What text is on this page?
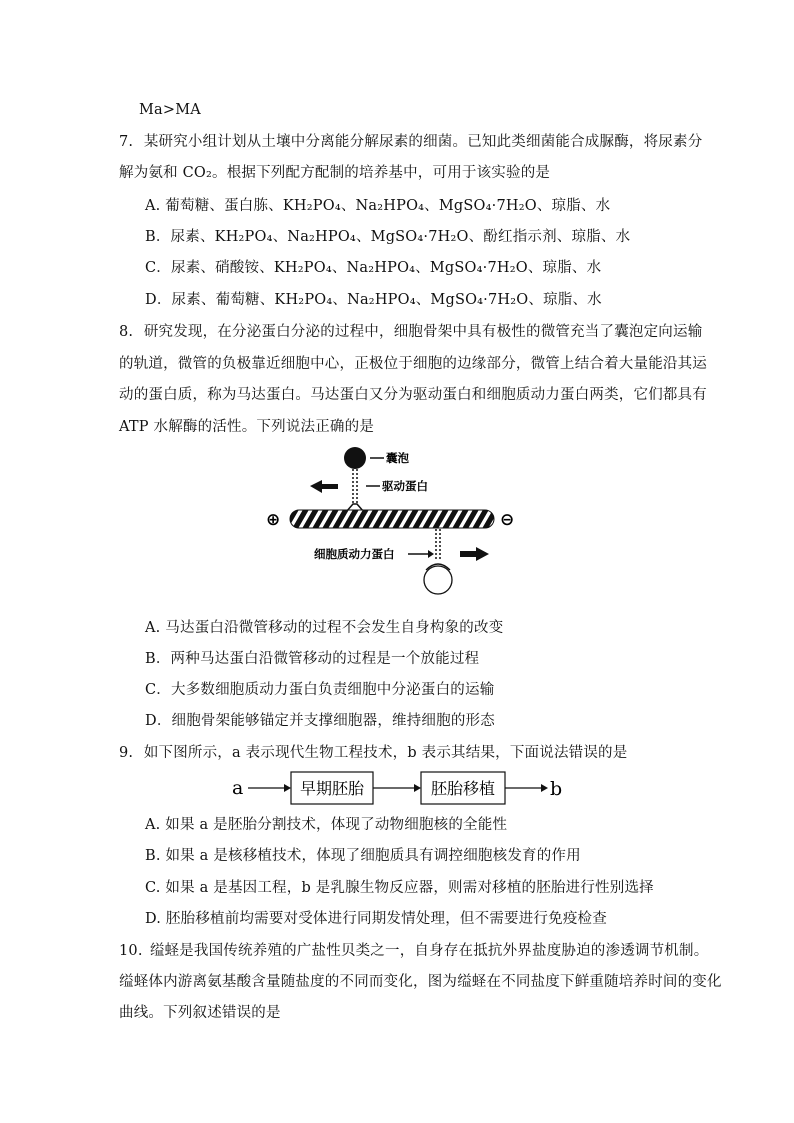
Ma>MA
7. 某研究小组计划从土壤中分离能分解尿素的细菌。已知此类细菌能合成脲酶，将尿素分
解为氨和 CO₂。根据下列配方配制的培养基中，可用于该实验的是
A. 葡萄糖、蛋白胨、KH₂PO₄、Na₂HPO₄、MgSO₄·7H₂O、琼脂、水
B．尿素、KH₂PO₄、Na₂HPO₄、MgSO₄·7H₂O、酚红指示剂、琼脂、水
C．尿素、硝酸铵、KH₂PO₄、Na₂HPO₄、MgSO₄·7H₂O、琼脂、水
D．尿素、葡萄糖、KH₂PO₄、Na₂HPO₄、MgSO₄·7H₂O、琼脂、水
8. 研究发现，在分泌蛋白分泌的过程中，细胞骨架中具有极性的微管充当了囊泡定向运输
的轨道，微管的负极靠近细胞中心，正极位于细胞的边缘部分，微管上结合着大量能沿其运
动的蛋白质，称为马达蛋白。马达蛋白又分为驱动蛋白和细胞质动力蛋白两类，它们都具有
ATP 水解酶的活性。下列说法正确的是
囊泡
驱动蛋白
⊕	⊖
细胞质动力蛋白
A. 马达蛋白沿微管移动的过程不会发生自身构象的改变
B．两种马达蛋白沿微管移动的过程是一个放能过程
C．大多数细胞质动力蛋白负责细胞中分泌蛋白的运输
D．细胞骨架能够锚定并支撑细胞器，维持细胞的形态
9. 如下图所示，a 表示现代生物工程技术，b 表示其结果，下面说法错误的是
a	早期胚胎	胚胎移植	b
A. 如果 a 是胚胎分割技术，体现了动物细胞核的全能性
B. 如果 a 是核移植技术，体现了细胞质具有调控细胞核发育的作用
C. 如果 a 是基因工程，b 是乳腺生物反应器，则需对移植的胚胎进行性别选择
D. 胚胎移植前均需要对受体进行同期发情处理，但不需要进行免疫检查
10. 缢蛏是我国传统养殖的广盐性贝类之一，自身存在抵抗外界盐度胁迫的渗透调节机制。
缢蛏体内游离氨基酸含量随盐度的不同而变化，图为缢蛏在不同盐度下鲜重随培养时间的变化
曲线。下列叙述错误的是
